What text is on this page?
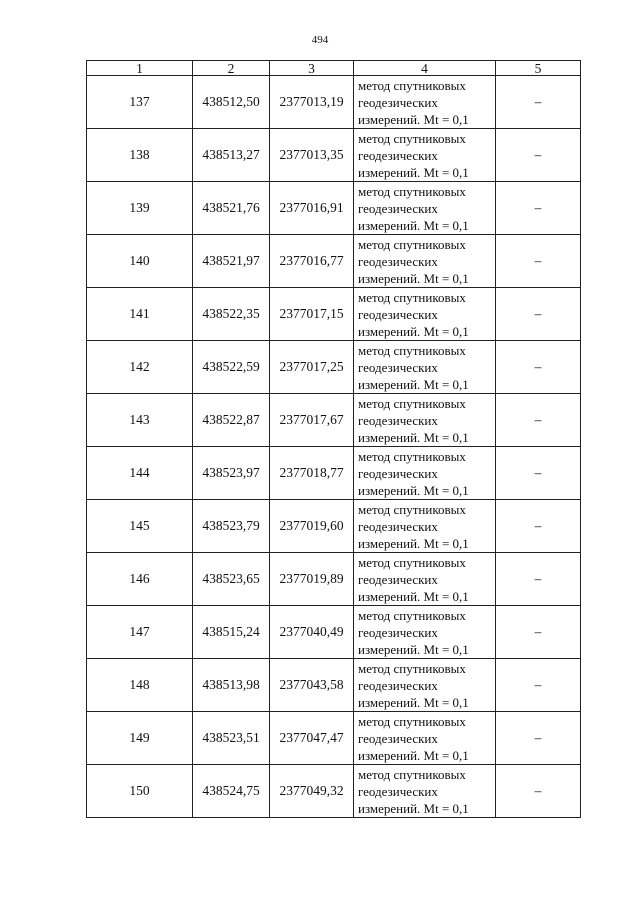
494
1	2	3	4	5
137	438512,50	2377013,19	метод спутниковых
геодезических
измерений. Mt = 0,1	–
138	438513,27	2377013,35	метод спутниковых
геодезических
измерений. Mt = 0,1	–
139	438521,76	2377016,91	метод спутниковых
геодезических
измерений. Mt = 0,1	–
140	438521,97	2377016,77	метод спутниковых
геодезических
измерений. Mt = 0,1	–
141	438522,35	2377017,15	метод спутниковых
геодезических
измерений. Mt = 0,1	–
142	438522,59	2377017,25	метод спутниковых
геодезических
измерений. Mt = 0,1	–
143	438522,87	2377017,67	метод спутниковых
геодезических
измерений. Mt = 0,1	–
144	438523,97	2377018,77	метод спутниковых
геодезических
измерений. Mt = 0,1	–
145	438523,79	2377019,60	метод спутниковых
геодезических
измерений. Mt = 0,1	–
146	438523,65	2377019,89	метод спутниковых
геодезических
измерений. Mt = 0,1	–
147	438515,24	2377040,49	метод спутниковых
геодезических
измерений. Mt = 0,1	–
148	438513,98	2377043,58	метод спутниковых
геодезических
измерений. Mt = 0,1	–
149	438523,51	2377047,47	метод спутниковых
геодезических
измерений. Mt = 0,1	–
150	438524,75	2377049,32	метод спутниковых
геодезических
измерений. Mt = 0,1	–
